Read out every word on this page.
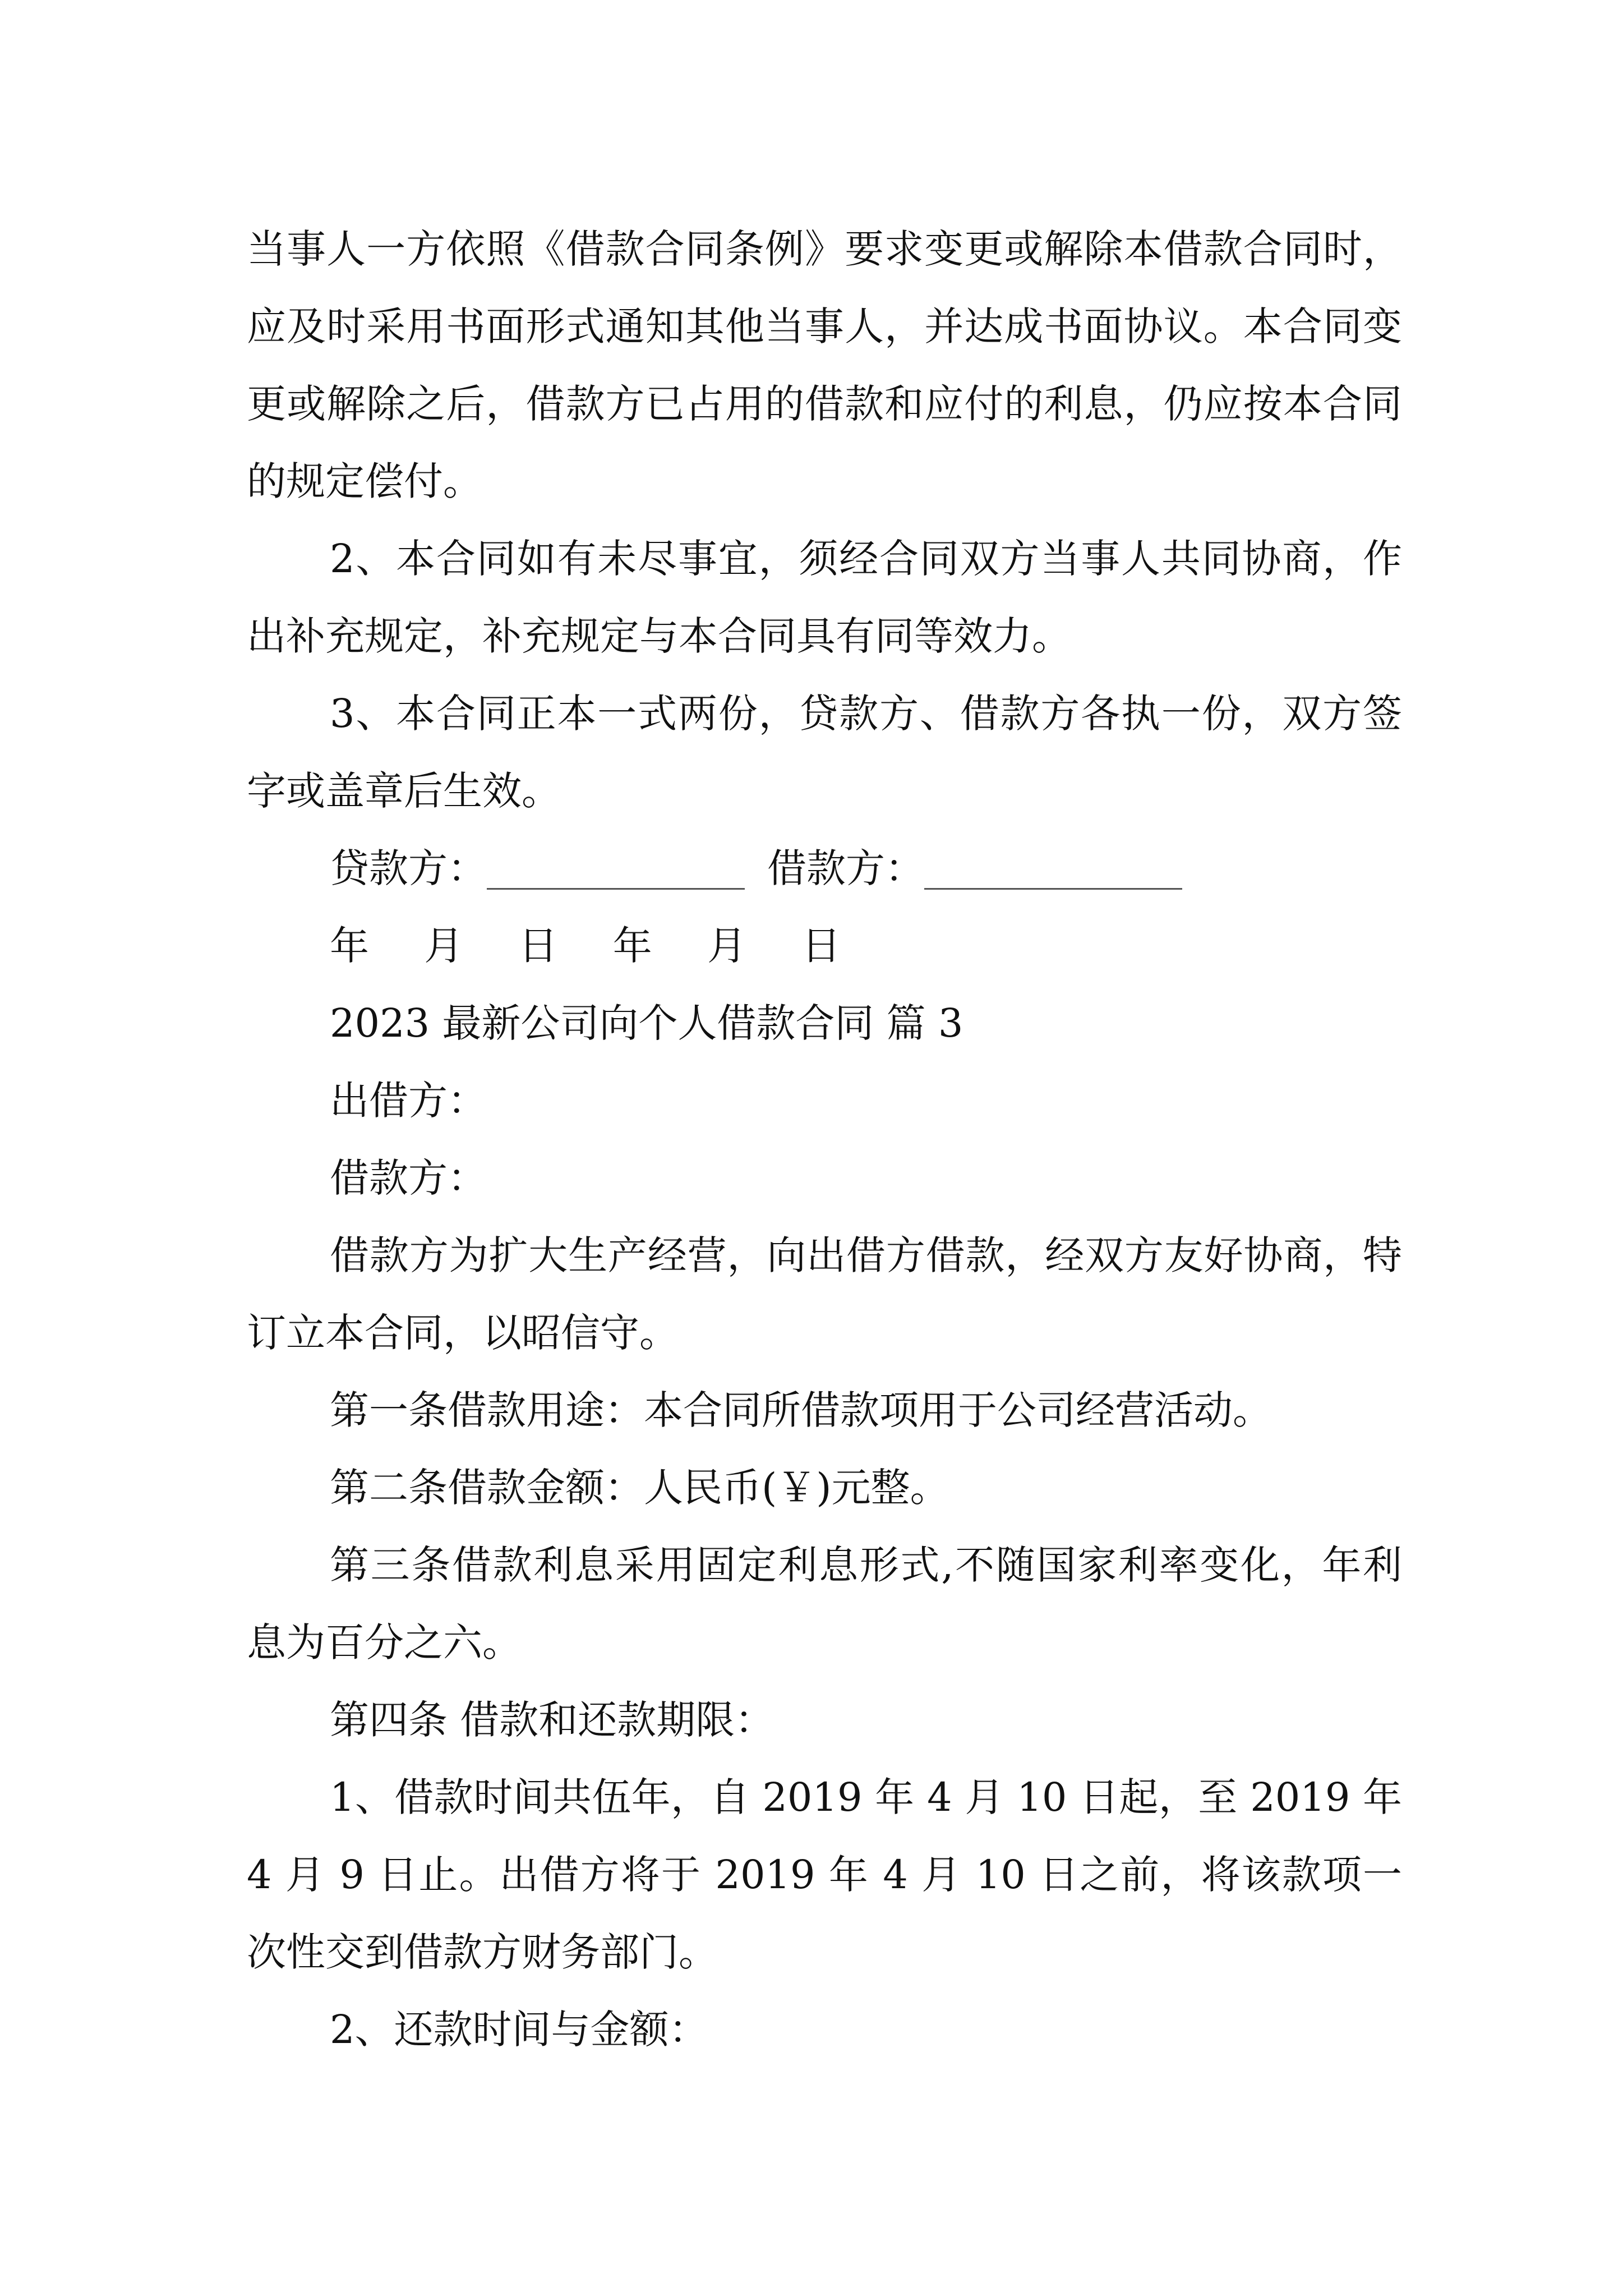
当事人一方依照《借款合同条例》要求变更或解除本借款合同时，应及时采用书面形式通知其他当事人，并达成书面协议。本合同变更或解除之后，借款方已占用的借款和应付的利息，仍应按本合同的规定偿付。

2、本合同如有未尽事宜，须经合同双方当事人共同协商，作出补充规定，补充规定与本合同具有同等效力。

3、本合同正本一式两份，贷款方、借款方各执一份，双方签字或盖章后生效。

贷款方：	借款方：

年 月 日 年 月 日

2023 最新公司向个人借款合同 篇 3

出借方：

借款方：

借款方为扩大生产经营，向出借方借款，经双方友好协商，特订立本合同，以昭信守。

第一条借款用途：本合同所借款项用于公司经营活动。

第二条借款金额：人民币(￥)元整。

第三条借款利息采用固定利息形式,不随国家利率变化，年利息为百分之六。

第四条 借款和还款期限：

1、借款时间共伍年，自 2019 年 4 月 10 日起，至 2019 年 4 月 9 日止。出借方将于 2019 年 4 月 10 日之前，将该款项一次性交到借款方财务部门。

2、还款时间与金额：
